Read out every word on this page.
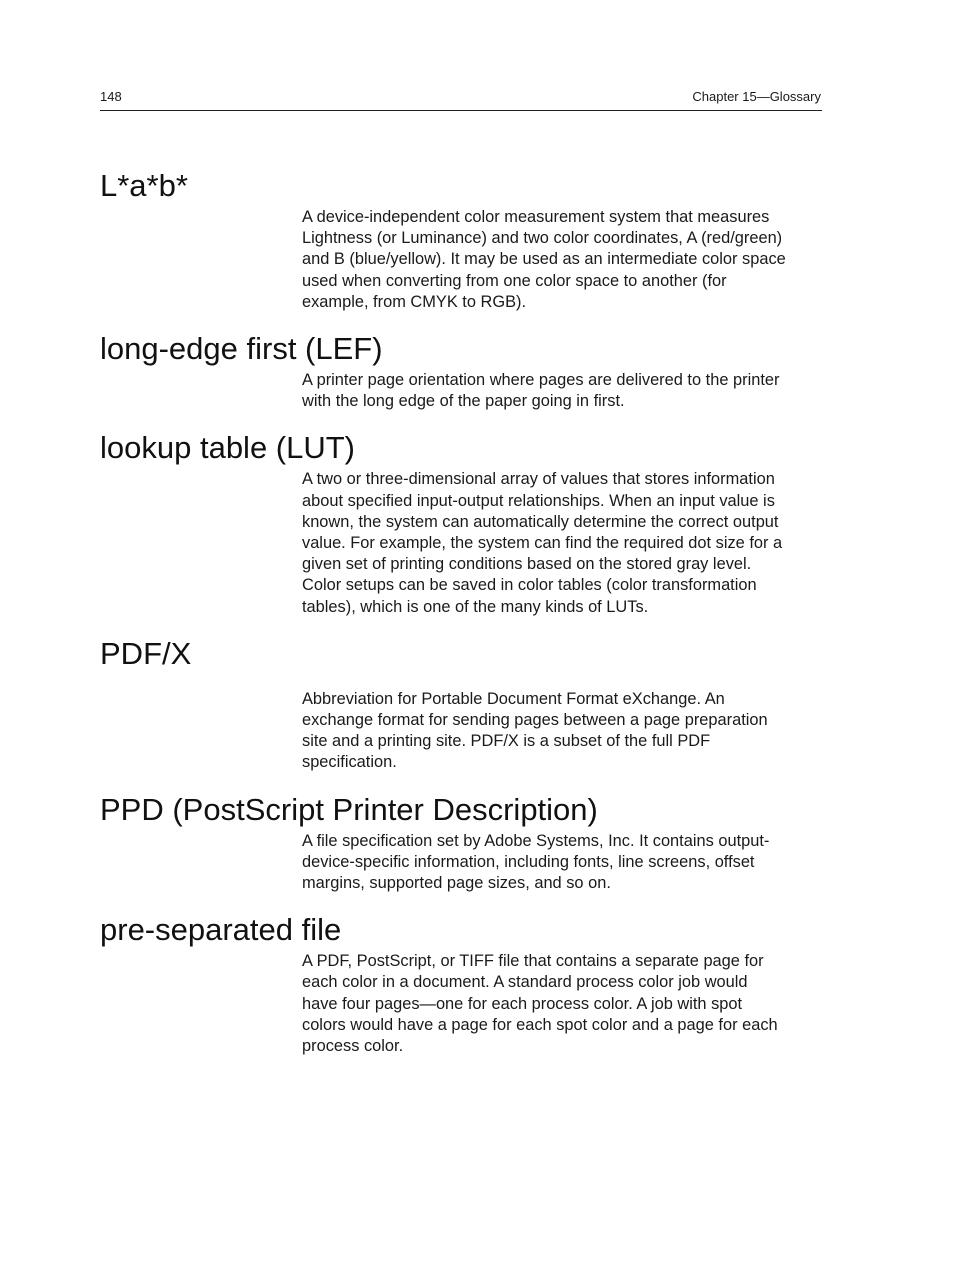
148	Chapter 15—Glossary
L*a*b*

A device-independent color measurement system that measures
Lightness (or Luminance) and two color coordinates, A (red/green)
and B (blue/yellow). It may be used as an intermediate color space
used when converting from one color space to another (for
example, from CMYK to RGB).

long-edge first (LEF)

A printer page orientation where pages are delivered to the printer
with the long edge of the paper going in first.

lookup table (LUT)

A two or three-dimensional array of values that stores information
about specified input-output relationships. When an input value is
known, the system can automatically determine the correct output
value. For example, the system can find the required dot size for a
given set of printing conditions based on the stored gray level.
Color setups can be saved in color tables (color transformation
tables), which is one of the many kinds of LUTs.

PDF/X

Abbreviation for Portable Document Format eXchange. An
exchange format for sending pages between a page preparation
site and a printing site. PDF/X is a subset of the full PDF
specification.

PPD (PostScript Printer Description)

A file specification set by Adobe Systems, Inc. It contains output-
device-specific information, including fonts, line screens, offset
margins, supported page sizes, and so on.

pre-separated file

A PDF, PostScript, or TIFF file that contains a separate page for
each color in a document. A standard process color job would
have four pages—one for each process color. A job with spot
colors would have a page for each spot color and a page for each
process color.
